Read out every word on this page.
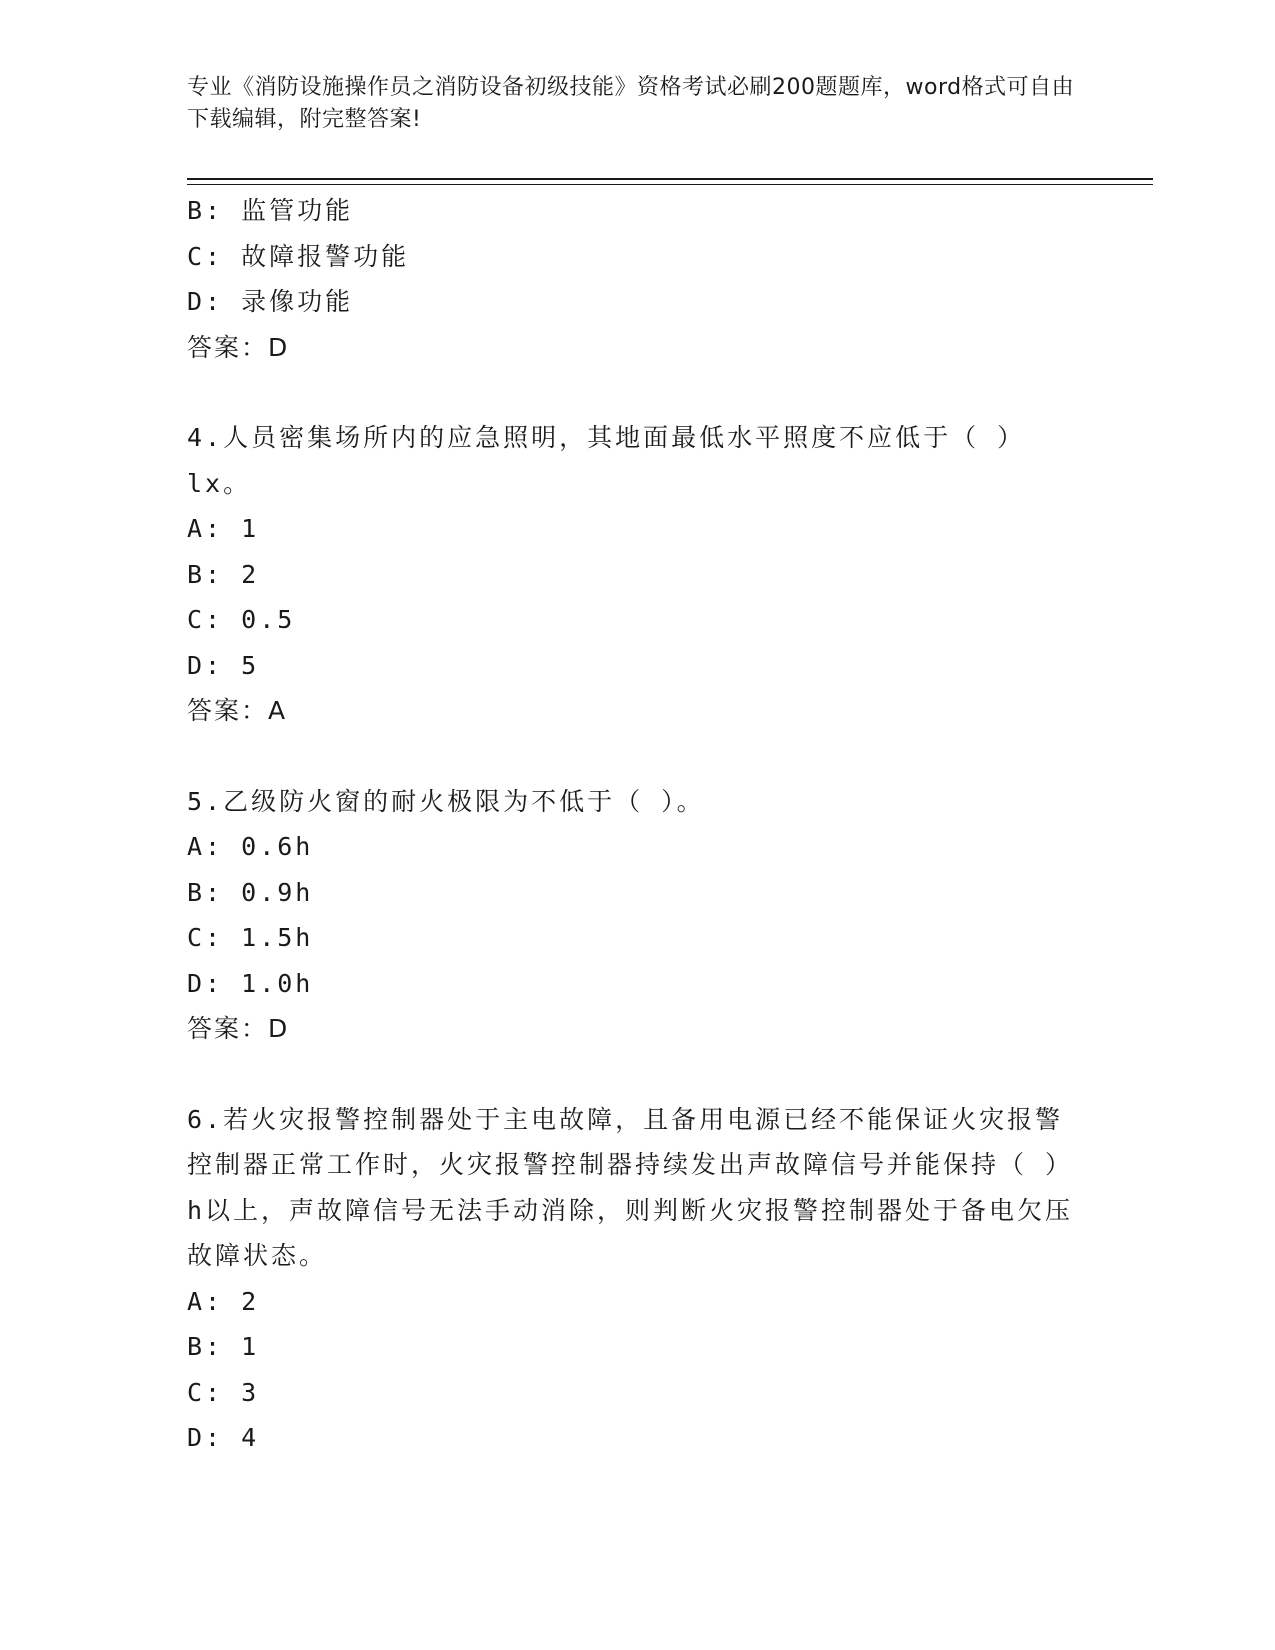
专业《消防设施操作员之消防设备初级技能》资格考试必刷200题题库，word格式可自由下载编辑，附完整答案!

B: 监管功能

C: 故障报警功能

D: 录像功能

答案：D

4.人员密集场所内的应急照明，其地面最低水平照度不应低于（ ）lx。

A: 1

B: 2

C: 0.5

D: 5

答案：A

5.乙级防火窗的耐火极限为不低于（ ）。

A: 0.6h

B: 0.9h

C: 1.5h

D: 1.0h

答案：D

6.若火灾报警控制器处于主电故障，且备用电源已经不能保证火灾报警控制器正常工作时，火灾报警控制器持续发出声故障信号并能保持（ ）h以上，声故障信号无法手动消除，则判断火灾报警控制器处于备电欠压故障状态。

A: 2

B: 1

C: 3

D: 4
